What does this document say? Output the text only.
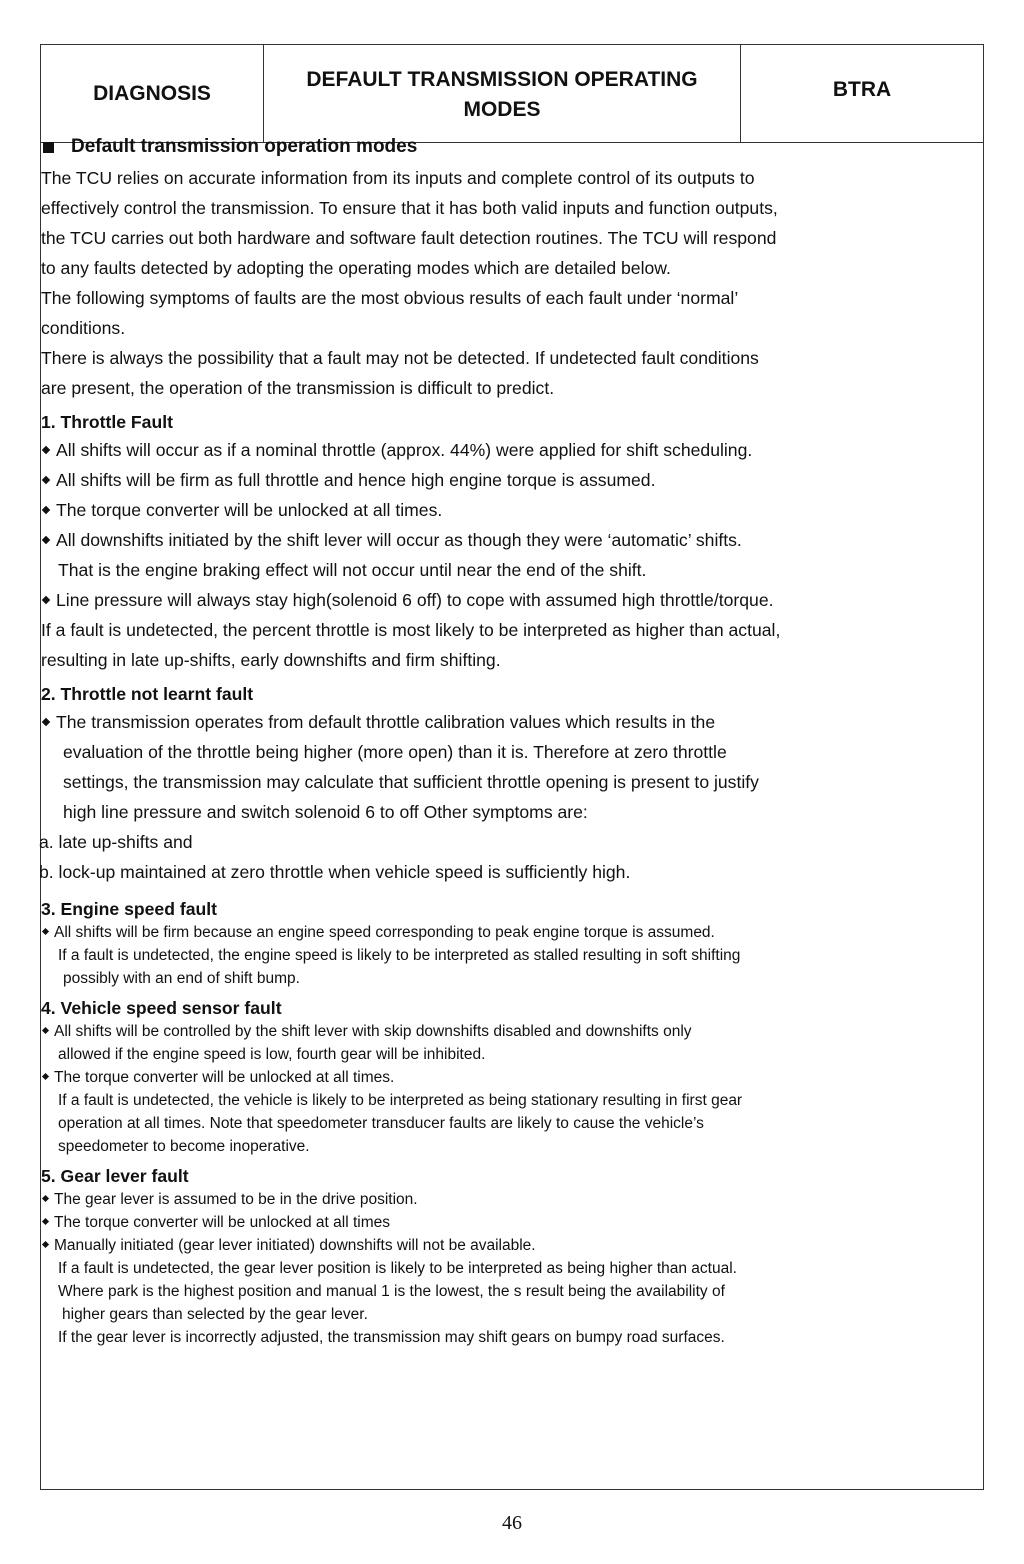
DIAGNOSIS
DEFAULT TRANSMISSION OPERATING
MODES
BTRA
Default transmission operation modes

The TCU relies on accurate information from its inputs and complete control of its outputs to

effectively control the transmission. To ensure that it has both valid inputs and function outputs,

the TCU carries out both hardware and software fault detection routines. The TCU will respond

to any faults detected by adopting the operating modes which are detailed below.

The following symptoms of faults are the most obvious results of each fault under ‘normal’

conditions.

There is always the possibility that a fault may not be detected. If undetected fault conditions

are present, the operation of the transmission is difficult to predict.

1. Throttle Fault

All shifts will occur as if a nominal throttle (approx. 44%) were applied for shift scheduling.

All shifts will be firm as full throttle and hence high engine torque is assumed.

The torque converter will be unlocked at all times.

All downshifts initiated by the shift lever will occur as though they were ‘automatic’ shifts.

That is the engine braking effect will not occur until near the end of the shift.

Line pressure will always stay high(solenoid 6 off) to cope with assumed high throttle/torque.

If a fault is undetected, the percent throttle is most likely to be interpreted as higher than actual,

resulting in late up-shifts, early downshifts and firm shifting.

2. Throttle not learnt fault

The transmission operates from default throttle calibration values which results in the

evaluation of the throttle being higher (more open) than it is. Therefore at zero throttle

settings, the transmission may calculate that sufficient throttle opening is present to justify

high line pressure and switch solenoid 6 to off Other symptoms are:

a. late up-shifts and

b. lock-up maintained at zero throttle when vehicle speed is sufficiently high.

3. Engine speed fault

All shifts will be firm because an engine speed corresponding to peak engine torque is assumed.

If a fault is undetected, the engine speed is likely to be interpreted as stalled resulting in soft shifting

possibly with an end of shift bump.

4. Vehicle speed sensor fault

All shifts will be controlled by the shift lever with skip downshifts disabled and downshifts only

allowed if the engine speed is low, fourth gear will be inhibited.

The torque converter will be unlocked at all times.

If a fault is undetected, the vehicle is likely to be interpreted as being stationary resulting in first gear

operation at all times. Note that speedometer transducer faults are likely to cause the vehicle’s

speedometer to become inoperative.

5. Gear lever fault

The gear lever is assumed to be in the drive position.

The torque converter will be unlocked at all times

Manually initiated (gear lever initiated) downshifts will not be available.

If a fault is undetected, the gear lever position is likely to be interpreted as being higher than actual.

Where park is the highest position and manual 1 is the lowest, the s result being the availability of

higher gears than selected by the gear lever.

If the gear lever is incorrectly adjusted, the transmission may shift gears on bumpy road surfaces.

46
